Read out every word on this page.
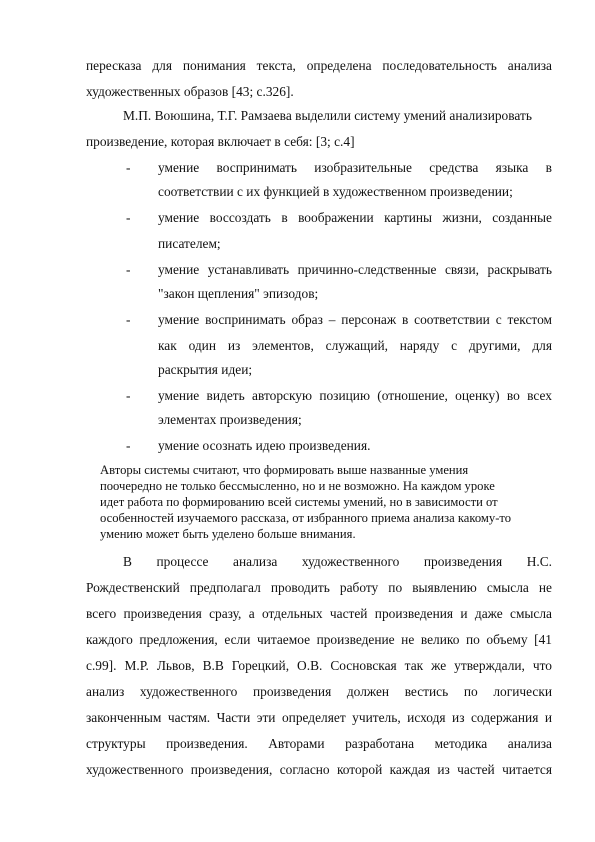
пересказа для понимания текста, определена последовательность анализа
художественных образов [43; с.326].
М.П. Воюшина, Т.Г. Рамзаева выделили систему умений анализировать
произведение, которая включает в себя: [3; с.4]
- умение воспринимать изобразительные средства языка в
соответствии с их функцией в художественном произведении;
- умение воссоздать в воображении картины жизни, созданные
писателем;
- умение устанавливать причинно-следственные связи, раскрывать
"закон щепления" эпизодов;
- умение воспринимать образ – персонаж в соответствии с текстом
как один из элементов, служащий, наряду с другими, для
раскрытия идеи;
- умение видеть авторскую позицию (отношение, оценку) во всех
элементах произведения;
- умение осознать идею произведения.
Авторы системы считают, что формировать выше названные умения
поочередно не только бессмысленно, но и не возможно. На каждом уроке
идет работа по формированию всей системы умений, но в зависимости от
особенностей изучаемого рассказа, от избранного приема анализа какому-то
умению может быть уделено больше внимания.
В процессе анализа художественного произведения Н.С.
Рождественский предполагал проводить работу по выявлению смысла не
всего произведения сразу, а отдельных частей произведения и даже смысла
каждого предложения, если читаемое произведение не велико по объему [41
с.99]. М.Р. Львов, В.В Горецкий, О.В. Сосновская так же утверждали, что
анализ художественного произведения должен вестись по логически
законченным частям. Части эти определяет учитель, исходя из содержания и
структуры произведения. Авторами разработана методика анализа
художественного произведения, согласно которой каждая из частей читается
